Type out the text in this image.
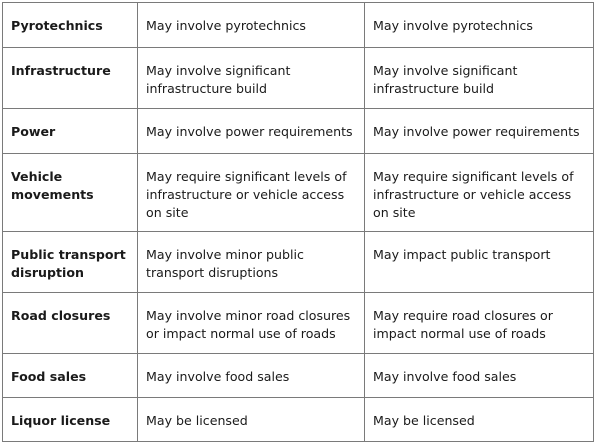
Pyrotechnics	May involve pyrotechnics	May involve pyrotechnics
Infrastructure	May involve significant infrastructure build	May involve significant infrastructure build
Power	May involve power requirements	May involve power requirements
Vehicle movements	May require significant levels of infrastructure or vehicle access on site	May require significant levels of infrastructure or vehicle access on site
Public transport disruption	May involve minor public transport disruptions	May impact public transport
Road closures	May involve minor road closures or impact normal use of roads	May require road closures or impact normal use of roads
Food sales	May involve food sales	May involve food sales
Liquor license	May be licensed	May be licensed
